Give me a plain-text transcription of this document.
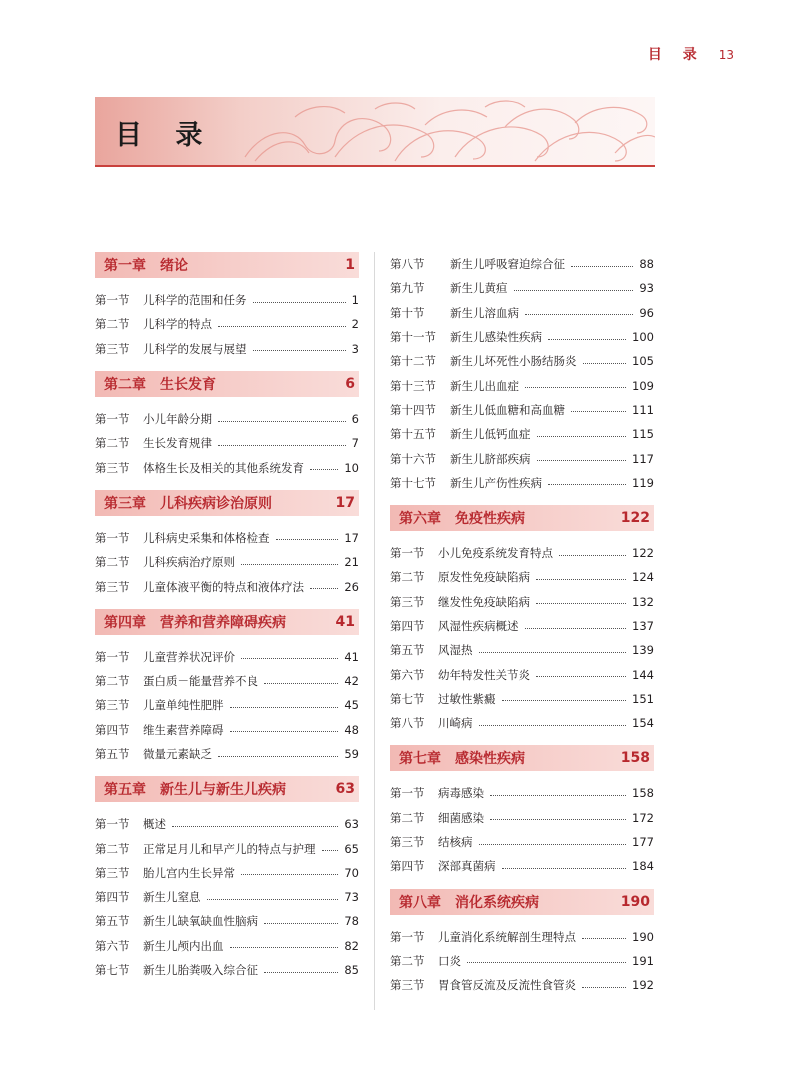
目 录 13
目 录
第一章 绪论	1
第一节	儿科学的范围和任务	1
第二节	儿科学的特点	2
第三节	儿科学的发展与展望	3
第二章 生长发育	6
第一节	小儿年龄分期	6
第二节	生长发育规律	7
第三节	体格生长及相关的其他系统发育	10
第三章 儿科疾病诊治原则	17
第一节	儿科病史采集和体格检查	17
第二节	儿科疾病治疗原则	21
第三节	儿童体液平衡的特点和液体疗法	26
第四章 营养和营养障碍疾病	41
第一节	儿童营养状况评价	41
第二节	蛋白质－能量营养不良	42
第三节	儿童单纯性肥胖	45
第四节	维生素营养障碍	48
第五节	微量元素缺乏	59
第五章 新生儿与新生儿疾病	63
第一节	概述	63
第二节	正常足月儿和早产儿的特点与护理	65
第三节	胎儿宫内生长异常	70
第四节	新生儿窒息	73
第五节	新生儿缺氧缺血性脑病	78
第六节	新生儿颅内出血	82
第七节	新生儿胎粪吸入综合征	85
第八节	新生儿呼吸窘迫综合征	88
第九节	新生儿黄疸	93
第十节	新生儿溶血病	96
第十一节	新生儿感染性疾病	100
第十二节	新生儿坏死性小肠结肠炎	105
第十三节	新生儿出血症	109
第十四节	新生儿低血糖和高血糖	111
第十五节	新生儿低钙血症	115
第十六节	新生儿脐部疾病	117
第十七节	新生儿产伤性疾病	119
第六章 免疫性疾病	122
第一节	小儿免疫系统发育特点	122
第二节	原发性免疫缺陷病	124
第三节	继发性免疫缺陷病	132
第四节	风湿性疾病概述	137
第五节	风湿热	139
第六节	幼年特发性关节炎	144
第七节	过敏性紫癜	151
第八节	川崎病	154
第七章 感染性疾病	158
第一节	病毒感染	158
第二节	细菌感染	172
第三节	结核病	177
第四节	深部真菌病	184
第八章 消化系统疾病	190
第一节	儿童消化系统解剖生理特点	190
第二节	口炎	191
第三节	胃食管反流及反流性食管炎	192
